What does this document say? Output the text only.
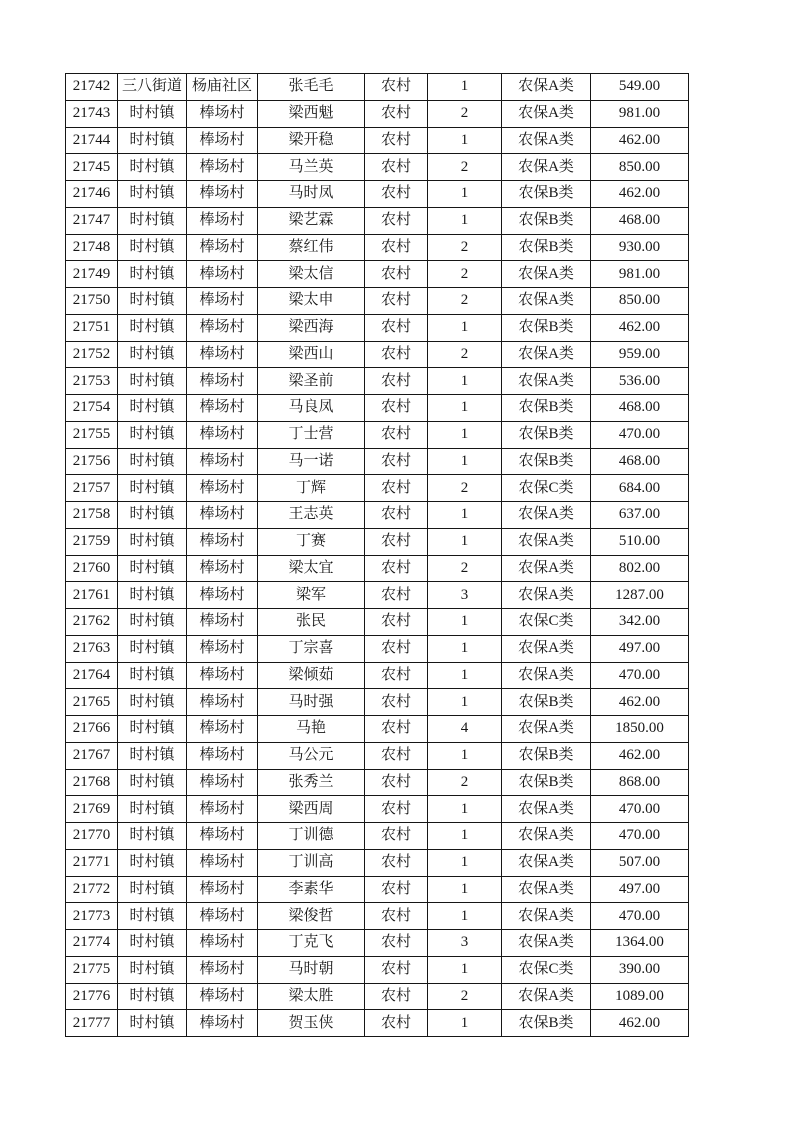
21742	三八街道	杨庙社区	张毛毛	农村	1	农保A类	549.00
21743	时村镇	棒场村	梁西魁	农村	2	农保A类	981.00
21744	时村镇	棒场村	梁开稳	农村	1	农保A类	462.00
21745	时村镇	棒场村	马兰英	农村	2	农保A类	850.00
21746	时村镇	棒场村	马时凤	农村	1	农保B类	462.00
21747	时村镇	棒场村	梁艺霖	农村	1	农保B类	468.00
21748	时村镇	棒场村	蔡红伟	农村	2	农保B类	930.00
21749	时村镇	棒场村	梁太信	农村	2	农保A类	981.00
21750	时村镇	棒场村	梁太申	农村	2	农保A类	850.00
21751	时村镇	棒场村	梁西海	农村	1	农保B类	462.00
21752	时村镇	棒场村	梁西山	农村	2	农保A类	959.00
21753	时村镇	棒场村	梁圣前	农村	1	农保A类	536.00
21754	时村镇	棒场村	马良凤	农村	1	农保B类	468.00
21755	时村镇	棒场村	丁士营	农村	1	农保B类	470.00
21756	时村镇	棒场村	马一诺	农村	1	农保B类	468.00
21757	时村镇	棒场村	丁辉	农村	2	农保C类	684.00
21758	时村镇	棒场村	王志英	农村	1	农保A类	637.00
21759	时村镇	棒场村	丁赛	农村	1	农保A类	510.00
21760	时村镇	棒场村	梁太宜	农村	2	农保A类	802.00
21761	时村镇	棒场村	梁军	农村	3	农保A类	1287.00
21762	时村镇	棒场村	张民	农村	1	农保C类	342.00
21763	时村镇	棒场村	丁宗喜	农村	1	农保A类	497.00
21764	时村镇	棒场村	梁倾茹	农村	1	农保A类	470.00
21765	时村镇	棒场村	马时强	农村	1	农保B类	462.00
21766	时村镇	棒场村	马艳	农村	4	农保A类	1850.00
21767	时村镇	棒场村	马公元	农村	1	农保B类	462.00
21768	时村镇	棒场村	张秀兰	农村	2	农保B类	868.00
21769	时村镇	棒场村	梁西周	农村	1	农保A类	470.00
21770	时村镇	棒场村	丁训德	农村	1	农保A类	470.00
21771	时村镇	棒场村	丁训高	农村	1	农保A类	507.00
21772	时村镇	棒场村	李素华	农村	1	农保A类	497.00
21773	时村镇	棒场村	梁俊哲	农村	1	农保A类	470.00
21774	时村镇	棒场村	丁克飞	农村	3	农保A类	1364.00
21775	时村镇	棒场村	马时朝	农村	1	农保C类	390.00
21776	时村镇	棒场村	梁太胜	农村	2	农保A类	1089.00
21777	时村镇	棒场村	贺玉侠	农村	1	农保B类	462.00
